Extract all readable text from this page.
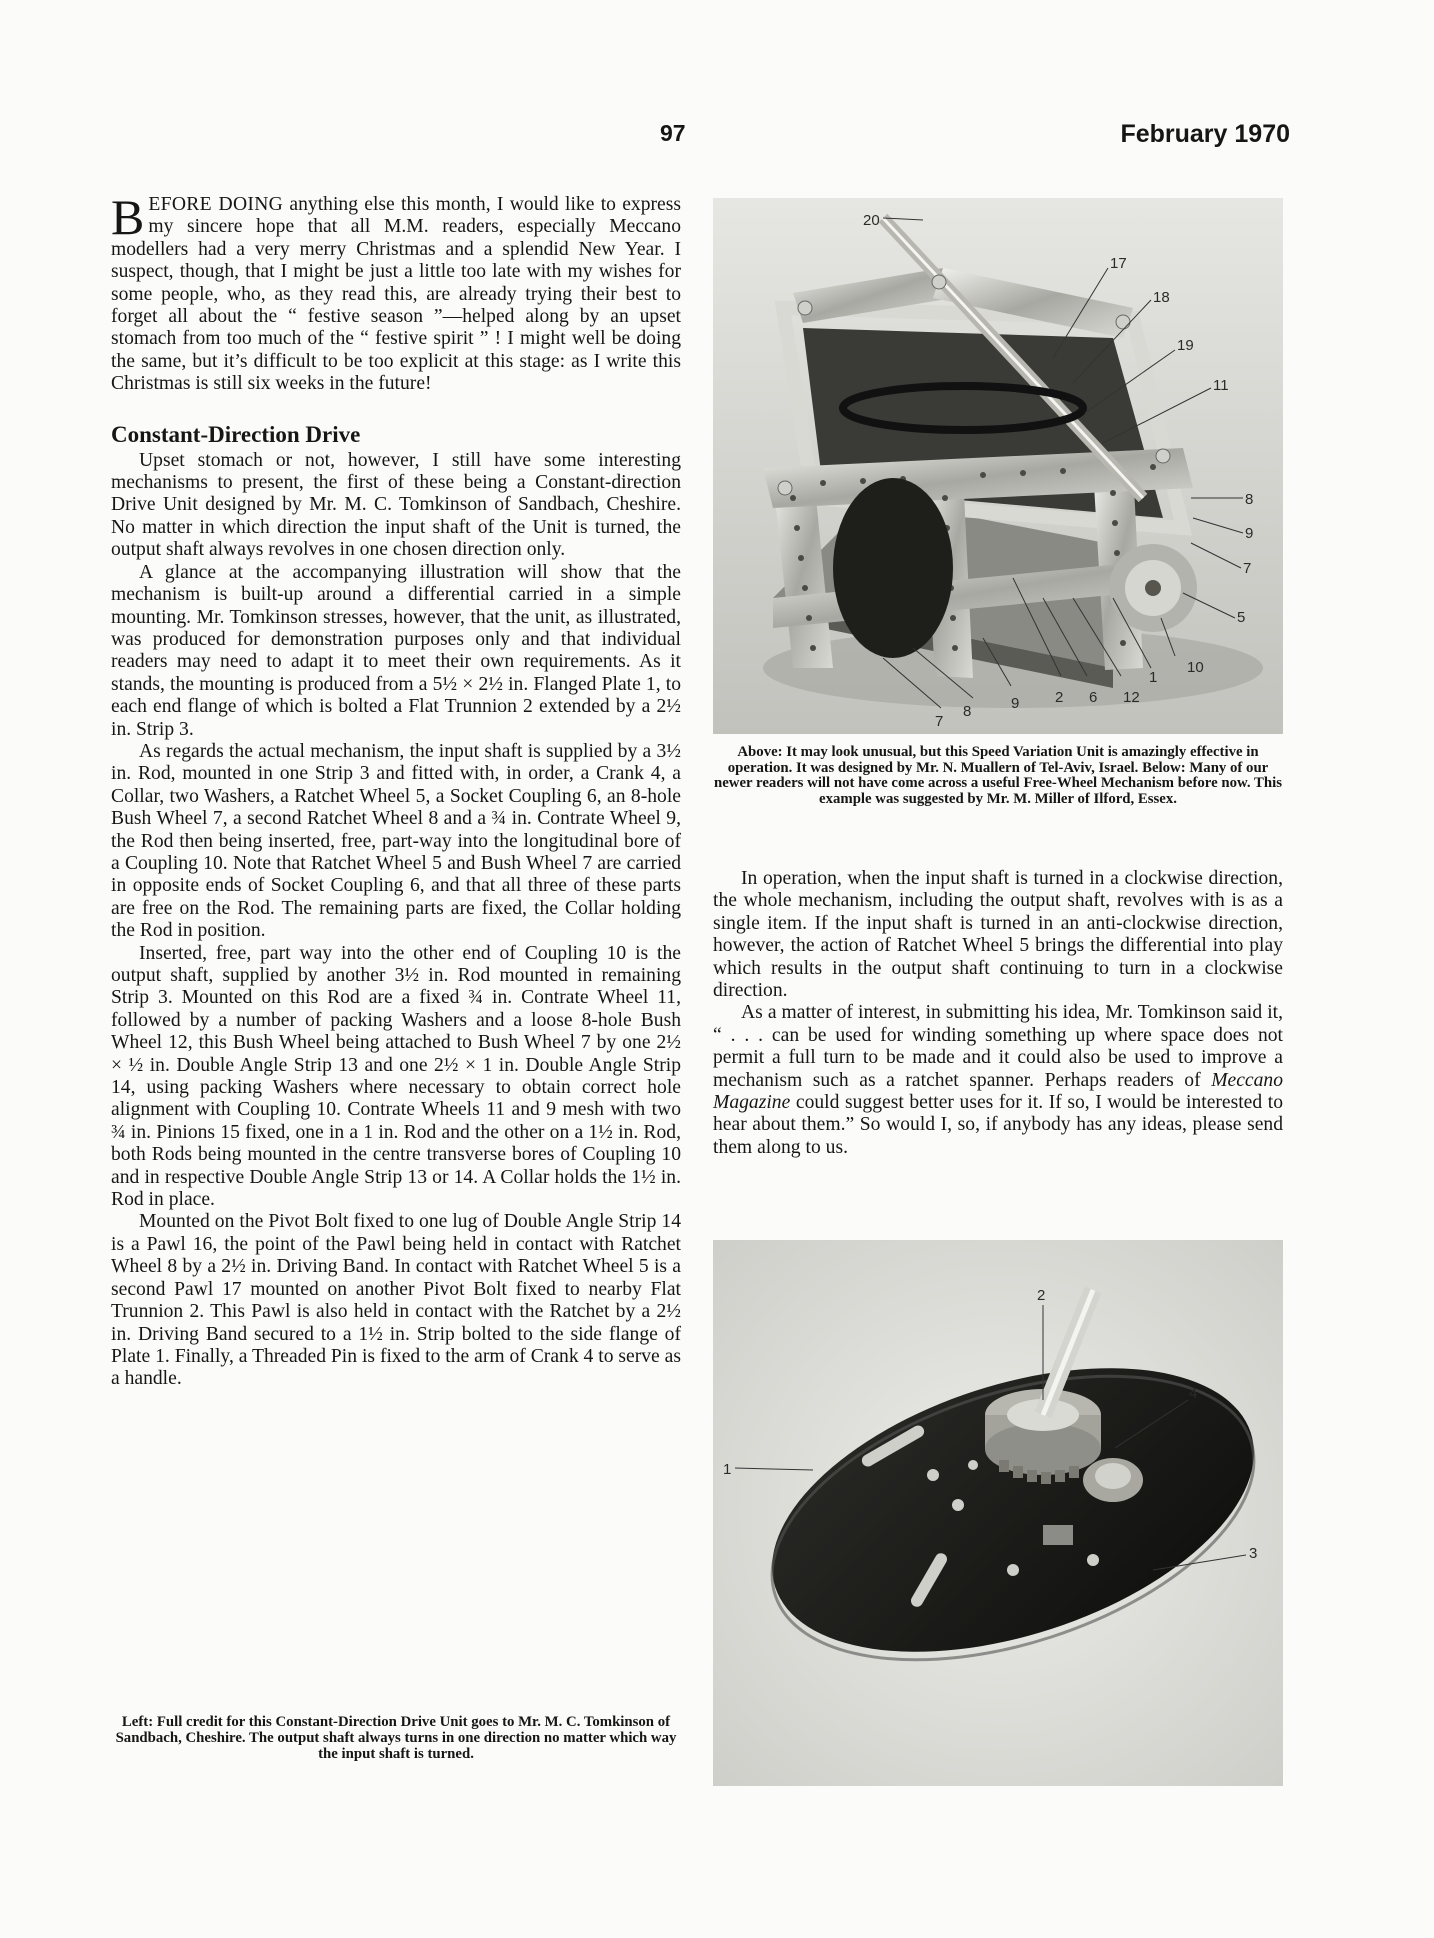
97	February 1970

BEFORE DOING anything else this month, I would like to express my sincere hope that all M.M. readers, especially Meccano modellers had a very merry Christmas and a splendid New Year. I suspect, though, that I might be just a little too late with my wishes for some people, who, as they read this, are already trying their best to forget all about the “ festive season ”—helped along by an upset stomach from too much of the “ festive spirit ” ! I might well be doing the same, but it’s difficult to be too explicit at this stage: as I write this Christmas is still six weeks in the future!

Constant-Direction Drive

Upset stomach or not, however, I still have some interesting mechanisms to present, the first of these being a Constant-direction Drive Unit designed by Mr. M. C. Tomkinson of Sandbach, Cheshire. No matter in which direction the input shaft of the Unit is turned, the output shaft always revolves in one chosen direction only.

A glance at the accompanying illustration will show that the mechanism is built-up around a differential carried in a simple mounting. Mr. Tomkinson stresses, however, that the unit, as illustrated, was produced for demonstration purposes only and that individual readers may need to adapt it to meet their own requirements. As it stands, the mounting is produced from a 5½ × 2½ in. Flanged Plate 1, to each end flange of which is bolted a Flat Trunnion 2 extended by a 2½ in. Strip 3.

As regards the actual mechanism, the input shaft is supplied by a 3½ in. Rod, mounted in one Strip 3 and fitted with, in order, a Crank 4, a Collar, two Washers, a Ratchet Wheel 5, a Socket Coupling 6, an 8-hole Bush Wheel 7, a second Ratchet Wheel 8 and a ¾ in. Contrate Wheel 9, the Rod then being inserted, free, part-way into the longitudinal bore of a Coupling 10. Note that Ratchet Wheel 5 and Bush Wheel 7 are carried in opposite ends of Socket Coupling 6, and that all three of these parts are free on the Rod. The remaining parts are fixed, the Collar holding the Rod in position.

Inserted, free, part way into the other end of Coupling 10 is the output shaft, supplied by another 3½ in. Rod mounted in remaining Strip 3. Mounted on this Rod are a fixed ¾ in. Contrate Wheel 11, followed by a number of packing Washers and a loose 8-hole Bush Wheel 12, this Bush Wheel being attached to Bush Wheel 7 by one 2½ × ½ in. Double Angle Strip 13 and one 2½ × 1 in. Double Angle Strip 14, using packing Washers where necessary to obtain correct hole alignment with Coupling 10. Contrate Wheels 11 and 9 mesh with two ¾ in. Pinions 15 fixed, one in a 1 in. Rod and the other on a 1½ in. Rod, both Rods being mounted in the centre transverse bores of Coupling 10 and in respective Double Angle Strip 13 or 14. A Collar holds the 1½ in. Rod in place.

Mounted on the Pivot Bolt fixed to one lug of Double Angle Strip 14 is a Pawl 16, the point of the Pawl being held in contact with Ratchet Wheel 8 by a 2½ in. Driving Band. In contact with Ratchet Wheel 5 is a second Pawl 17 mounted on another Pivot Bolt fixed to nearby Flat Trunnion 2. This Pawl is also held in contact with the Ratchet by a 2½ in. Driving Band secured to a 1½ in. Strip bolted to the side flange of Plate 1. Finally, a Threaded Pin is fixed to the arm of Crank 4 to serve as a handle.

Left: Full credit for this Constant-Direction Drive Unit goes to Mr. M. C. Tomkinson of Sandbach, Cheshire. The output shaft always turns in one direction no matter which way the input shaft is turned.
20
17
18
19
11
8
9
7
5
10
1
12
6
2
9
8
7
Above: It may look unusual, but this Speed Variation Unit is amazingly effective in operation. It was designed by Mr. N. Muallern of Tel-Aviv, Israel. Below: Many of our newer readers will not have come across a useful Free-Wheel Mechanism before now. This example was suggested by Mr. M. Miller of Ilford, Essex.

In operation, when the input shaft is turned in a clockwise direction, the whole mechanism, including the output shaft, revolves with is as a single item. If the input shaft is turned in an anti-clockwise direction, however, the action of Ratchet Wheel 5 brings the differential into play which results in the output shaft continuing to turn in a clockwise direction.

As a matter of interest, in submitting his idea, Mr. Tomkinson said it, “ . . . can be used for winding something up where space does not permit a full turn to be made and it could also be used to improve a mechanism such as a ratchet spanner. Perhaps readers of Meccano Magazine could suggest better uses for it. If so, I would be interested to hear about them.” So would I, so, if anybody has any ideas, please send them along to us.

2
4
1
3
